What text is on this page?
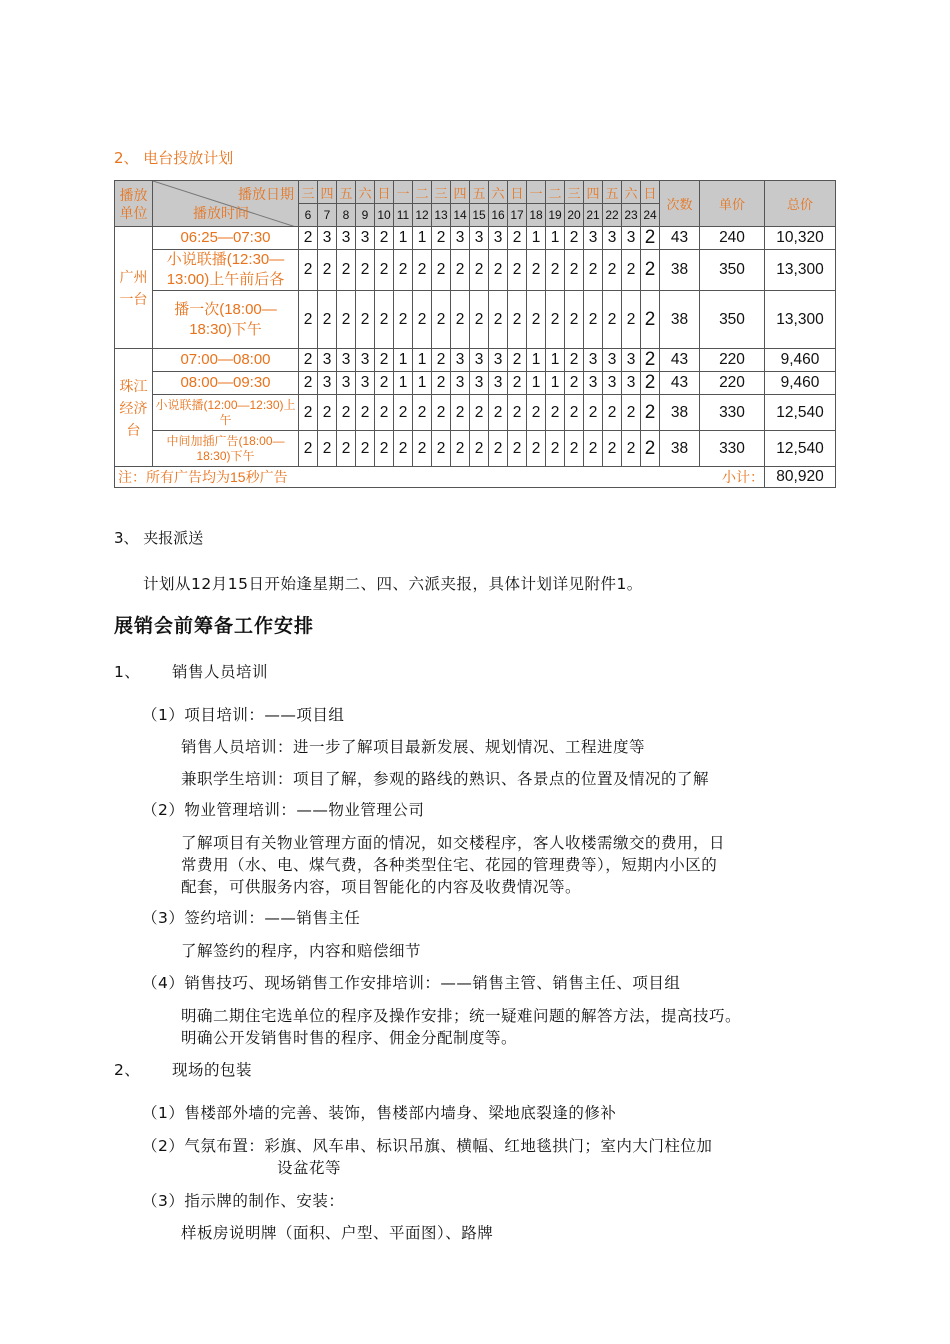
2、 电台投放计划
播放单位	播放日期
播放时间	三	四	五	六	日	一	二	三	四	五	六	日	一	二	三	四	五	六	日	次数	单价	总价
		6	7	8	9	10	11	12	13	14	15	16	17	18	19	20	21	22	23	24			
广州一台	06:25—07:30	2	3	3	3	2	1	1	2	3	3	3	2	1	1	2	3	3	3	2	43	240	10,320
	小说联播(12:30—13:00)上午前后各	2	2	2	2	2	2	2	2	2	2	2	2	2	2	2	2	2	2	2	38	350	13,300
	播一次(18:00—18:30)下午	2	2	2	2	2	2	2	2	2	2	2	2	2	2	2	2	2	2	2	38	350	13,300
珠江经济台	07:00—08:00	2	3	3	3	2	1	1	2	3	3	3	2	1	1	2	3	3	3	2	43	220	9,460
	08:00—09:30	2	3	3	3	2	1	1	2	3	3	3	2	1	1	2	3	3	3	2	43	220	9,460
	小说联播(12:00—12:30)上午	2	2	2	2	2	2	2	2	2	2	2	2	2	2	2	2	2	2	2	38	330	12,540
	中间加插广告(18:00—18:30)下午	2	2	2	2	2	2	2	2	2	2	2	2	2	2	2	2	2	2	2	38	330	12,540
注：所有广告均为15秒广告																					小计：		80,920
3、 夹报派送
计划从12月15日开始逢星期二、四、六派夹报，具体计划详见附件1。
展销会前筹备工作安排
1、 销售人员培训
（1）项目培训：——项目组
销售人员培训：进一步了解项目最新发展、规划情况、工程进度等
兼职学生培训：项目了解，参观的路线的熟识、各景点的位置及情况的了解
（2）物业管理培训：——物业管理公司
了解项目有关物业管理方面的情况，如交楼程序，客人收楼需缴交的费用，日
常费用（水、电、煤气费，各种类型住宅、花园的管理费等），短期内小区的
配套，可供服务内容，项目智能化的内容及收费情况等。
（3）签约培训：——销售主任
了解签约的程序，内容和赔偿细节
（4）销售技巧、现场销售工作安排培训：——销售主管、销售主任、项目组
明确二期住宅选单位的程序及操作安排；统一疑难问题的解答方法，提高技巧。
明确公开发销售时售的程序、佣金分配制度等。
2、 现场的包装
（1）售楼部外墙的完善、装饰，售楼部内墙身、梁地底裂逢的修补
（2）气氛布置：彩旗、风车串、标识吊旗、横幅、红地毯拱门；室内大门柱位加
设盆花等
（3）指示牌的制作、安装：
样板房说明牌（面积、户型、平面图）、路牌
